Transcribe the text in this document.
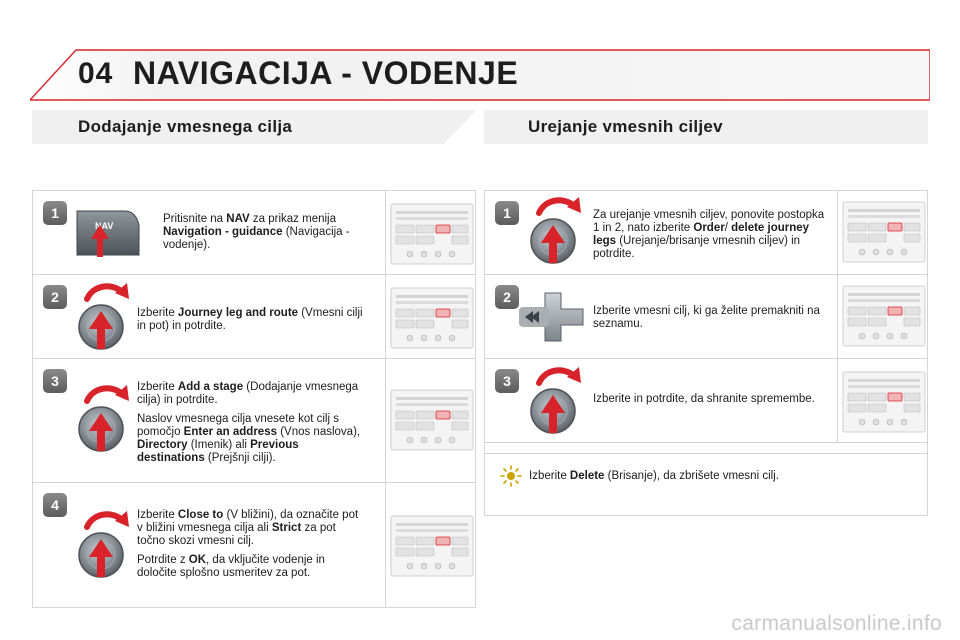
04 NAVIGACIJA - VODENJE
Dodajanje vmesnega cilja	Urejanje vmesnih ciljev
1
NAV

Pritisnite na NAV za prikaz menija Navigation - guidance (Navigacija - vodenje).

2

Izberite Journey leg and route (Vmesni cilji in pot) in potrdite.

3	Izberite Add a stage (Dodajanje vmesnega cilja) in potrdite.

Naslov vmesnega cilja vnesete kot cilj s pomočjo Enter an address (Vnos naslova), Directory (Imenik) ali Previous destinations (Prejšnji cilji).

4

Izberite Close to (V bližini), da označite pot v bližini vmesnega cilja ali Strict za pot točno skozi vmesni cilj.

Potrdite z OK, da vključite vodenje in določite splošno usmeritev za pot.

1	Za urejanje vmesnih ciljev, ponovite postopka 1 in 2, nato izberite Order/ delete journey legs (Urejanje/brisanje vmesnih ciljev) in potrdite.

2

Izberite vmesni cilj, ki ga želite premakniti na seznamu.

3

Izberite in potrdite, da shranite spremembe.

Izberite Delete (Brisanje), da zbrišete vmesni cilj.
carmanualsonline.info
